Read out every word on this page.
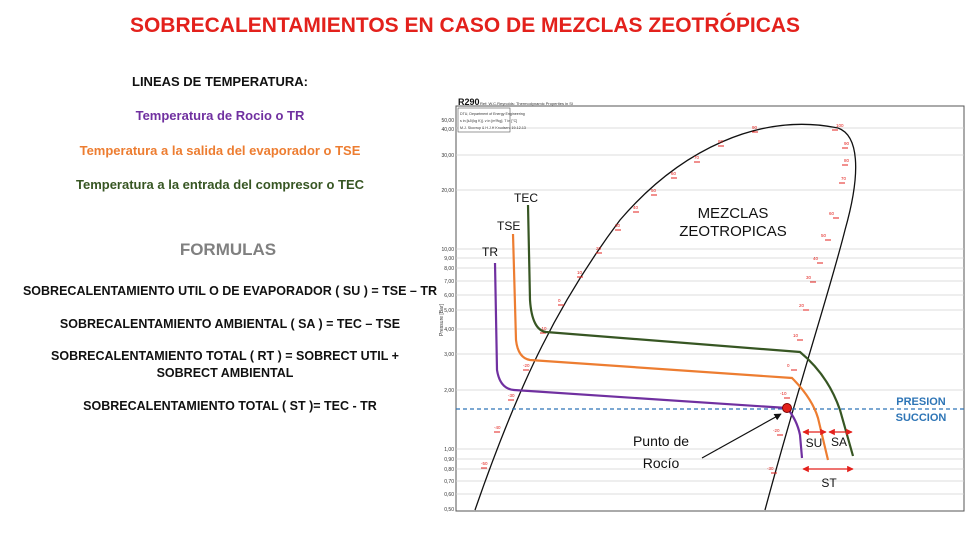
SOBRECALENTAMIENTOS EN CASO DE MEZCLAS ZEOTRÓPICAS
LINEAS DE TEMPERATURA:
Temperatura de Rocio o TR
Temperatura a la salida del evaporador o TSE
Temperatura a la entrada del compresor o TEC
FORMULAS
SOBRECALENTAMIENTO UTIL O DE EVAPORADOR ( SU ) = TSE – TR
SOBRECALENTAMIENTO AMBIENTAL ( SA ) = TEC – TSE
SOBRECALENTAMIENTO TOTAL ( RT ) = SOBRECT UTIL + SOBRECT AMBIENTAL
SOBRECALENTAMIENTO TOTAL ( ST )= TEC - TR
R290 Ref: W.C.Reynolds: Thermodynamic Properties in SI
DTU, Department of Energy Engineering
s in [kJ/(kg K)]. v in [m³/kg]. T in [°C]
M.J. Skovrup & H.J.H Knudsen. 19-12-13
50,00
40,00
30,00
20,00
10,00
9,00
8,00
7,00
6,00
5,00
4,00
3,00
2,00
1,00
0,90
0,80
0,70
0,60
0,50
Pressure [Bar]
-50
-40
-30
-20
-10
0
10
20
30
40
50
60
70
80
90	100
90
80
70
60
50
40
30
20
10
0
-10
-20
-30
TEC
TSE
TR
MEZCLAS
ZEOTROPICAS
PRESION
SUCCION
Punto de
Rocío
SU SA
ST
